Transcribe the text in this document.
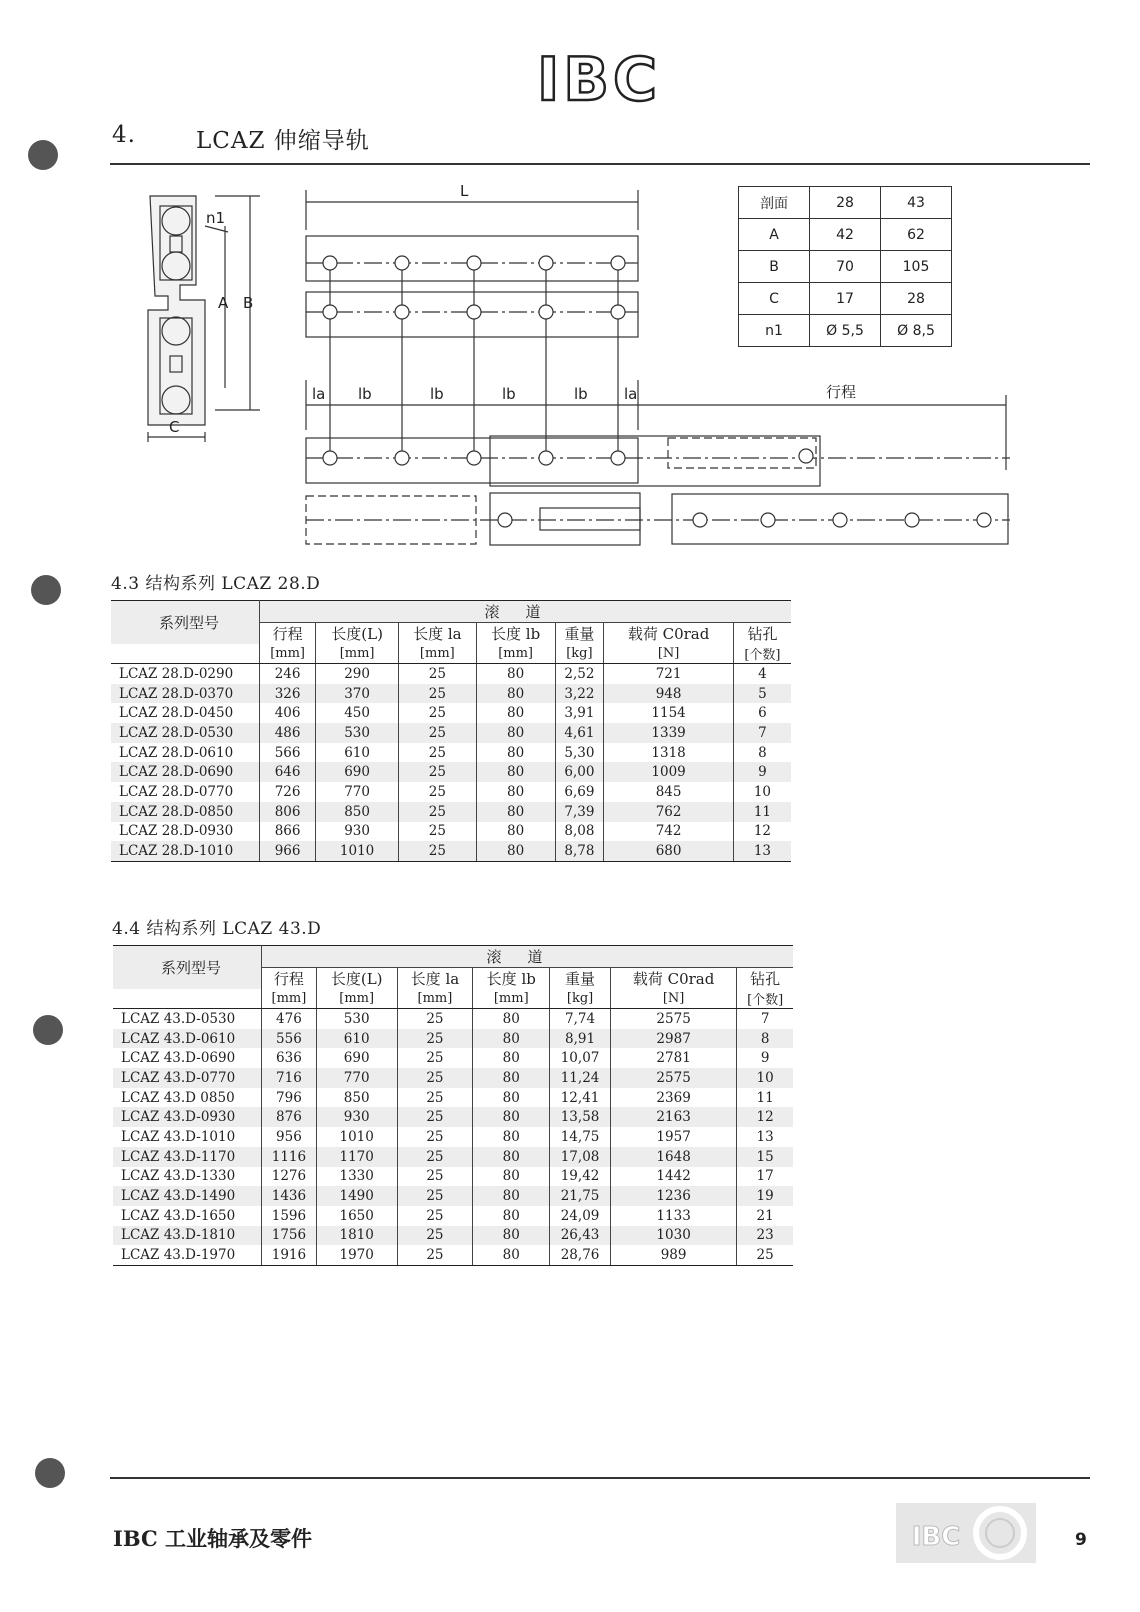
IBC
4.	LCAZ 伸缩导轨
L
n1
A B
C
la lb	lb	lb	lb la	行程
剖面	28	43
A	42	62
B	70	105
C	17	28
n1	Ø 5,5	Ø 8,5
4.3 结构系列 LCAZ 28.D
系列型号	滚道						
	行程	长度(L)	长度 la	长度 lb	重量	载荷 C0rad	钻孔
	[mm]	[mm]	[mm]	[mm]	[kg]	[N]	[个数]
LCAZ 28.D-0290	246	290	25	80	2,52	721	4
LCAZ 28.D-0370	326	370	25	80	3,22	948	5
LCAZ 28.D-0450	406	450	25	80	3,91	1154	6
LCAZ 28.D-0530	486	530	25	80	4,61	1339	7
LCAZ 28.D-0610	566	610	25	80	5,30	1318	8
LCAZ 28.D-0690	646	690	25	80	6,00	1009	9
LCAZ 28.D-0770	726	770	25	80	6,69	845	10
LCAZ 28.D-0850	806	850	25	80	7,39	762	11
LCAZ 28.D-0930	866	930	25	80	8,08	742	12
LCAZ 28.D-1010	966	1010	25	80	8,78	680	13
4.4 结构系列 LCAZ 43.D
系列型号	滚道						
	行程	长度(L)	长度 la	长度 lb	重量	载荷 C0rad	钻孔
	[mm]	[mm]	[mm]	[mm]	[kg]	[N]	[个数]
LCAZ 43.D-0530	476	530	25	80	7,74	2575	7
LCAZ 43.D-0610	556	610	25	80	8,91	2987	8
LCAZ 43.D-0690	636	690	25	80	10,07	2781	9
LCAZ 43.D-0770	716	770	25	80	11,24	2575	10
LCAZ 43.D 0850	796	850	25	80	12,41	2369	11
LCAZ 43.D-0930	876	930	25	80	13,58	2163	12
LCAZ 43.D-1010	956	1010	25	80	14,75	1957	13
LCAZ 43.D-1170	1116	1170	25	80	17,08	1648	15
LCAZ 43.D-1330	1276	1330	25	80	19,42	1442	17
LCAZ 43.D-1490	1436	1490	25	80	21,75	1236	19
LCAZ 43.D-1650	1596	1650	25	80	24,09	1133	21
LCAZ 43.D-1810	1756	1810	25	80	26,43	1030	23
LCAZ 43.D-1970	1916	1970	25	80	28,76	989	25
IBC 工业轴承及零件	IBC	9
